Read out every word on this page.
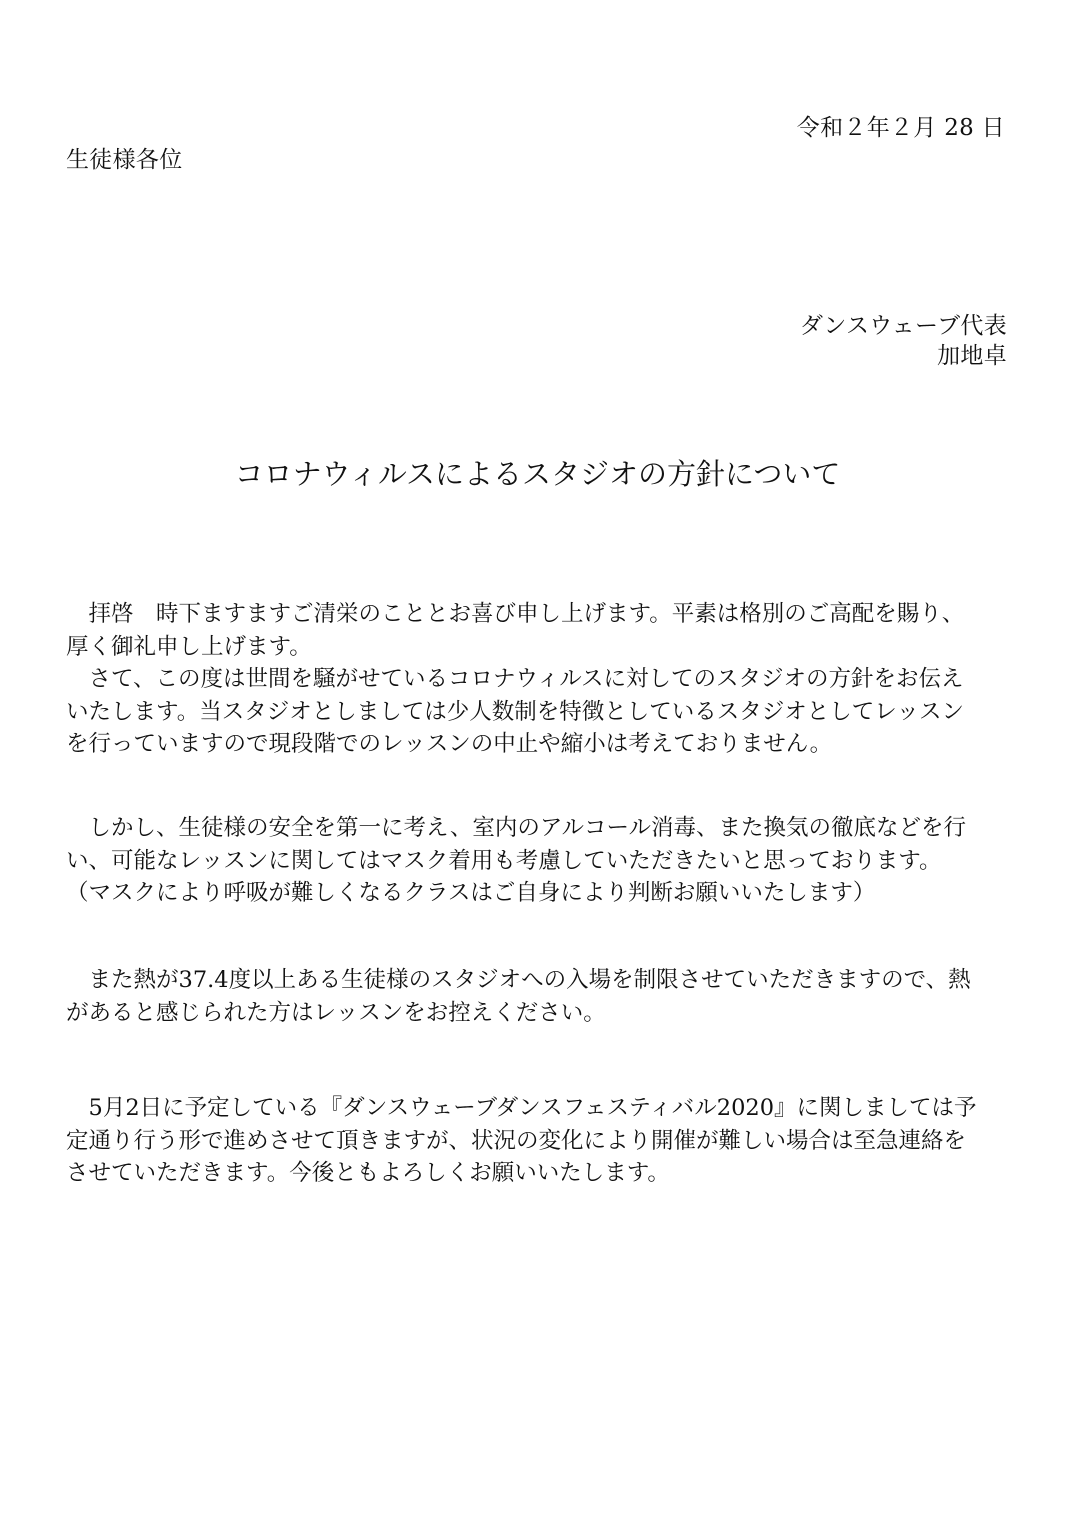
令和２年２月 28 日
生徒様各位
ダンスウェーブ代表
加地卓
コロナウィルスによるスタジオの方針について
　拝啓　時下ますますご清栄のこととお喜び申し上げます。平素は格別のご高配を賜り、
厚く御礼申し上げます。
　さて、この度は世間を騒がせているコロナウィルスに対してのスタジオの方針をお伝え
いたします。当スタジオとしましては少人数制を特徴としているスタジオとしてレッスン
を行っていますので現段階でのレッスンの中止や縮小は考えておりません。
　しかし、生徒様の安全を第一に考え、室内のアルコール消毒、また換気の徹底などを行
い、可能なレッスンに関してはマスク着用も考慮していただきたいと思っております。
（マスクにより呼吸が難しくなるクラスはご自身により判断お願いいたします）
　また熱が37.4度以上ある生徒様のスタジオへの入場を制限させていただきますので、熱
があると感じられた方はレッスンをお控えください。
　5月2日に予定している『ダンスウェーブダンスフェスティバル2020』に関しましては予
定通り行う形で進めさせて頂きますが、状況の変化により開催が難しい場合は至急連絡を
させていただきます。今後ともよろしくお願いいたします。
